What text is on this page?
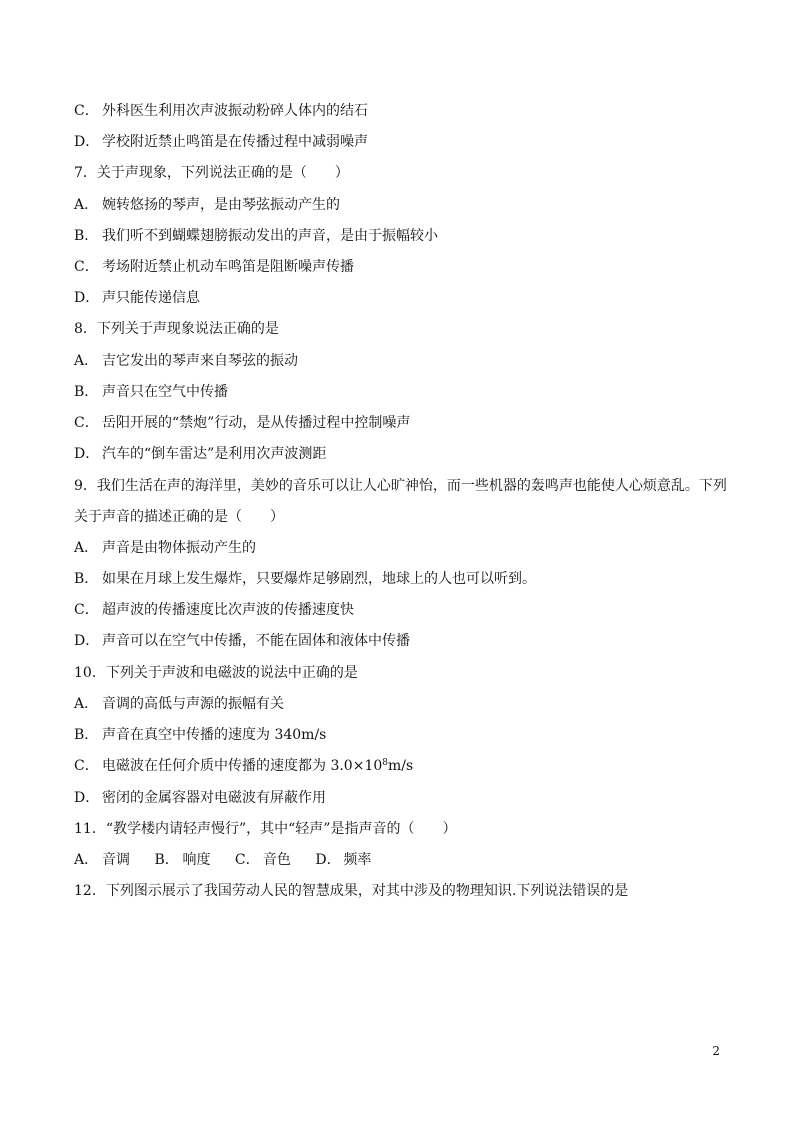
C． 外科医生利用次声波振动粉碎人体内的结石
D． 学校附近禁止鸣笛是在传播过程中减弱噪声
7．关于声现象，下列说法正确的是（　　）
A． 婉转悠扬的琴声，是由琴弦振动产生的
B． 我们听不到蝴蝶翅膀振动发出的声音，是由于振幅较小
C． 考场附近禁止机动车鸣笛是阻断噪声传播
D． 声只能传递信息
8．下列关于声现象说法正确的是
A． 吉它发出的琴声来自琴弦的振动
B． 声音只在空气中传播
C． 岳阳开展的“禁炮”行动，是从传播过程中控制噪声
D． 汽车的“倒车雷达”是利用次声波测距
9．我们生活在声的海洋里，美妙的音乐可以让人心旷神怡，而一些机器的轰鸣声也能使人心烦意乱。下列
关于声音的描述正确的是（　　）
A． 声音是由物体振动产生的
B． 如果在月球上发生爆炸，只要爆炸足够剧烈，地球上的人也可以听到。
C． 超声波的传播速度比次声波的传播速度快
D． 声音可以在空气中传播，不能在固体和液体中传播
10．下列关于声波和电磁波的说法中正确的是
A． 音调的高低与声源的振幅有关
B． 声音在真空中传播的速度为 340m/s
C． 电磁波在任何介质中传播的速度都为 $3.0\times 10^8m/s$
D． 密闭的金属容器对电磁波有屏蔽作用
11．“教学楼内请轻声慢行”，其中“轻声”是指声音的（　　）
A． 音调 B． 响度 C． 音色 D． 频率
12．下列图示展示了我国劳动人民的智慧成果，对其中涉及的物理知识.下列说法错误的是
2
